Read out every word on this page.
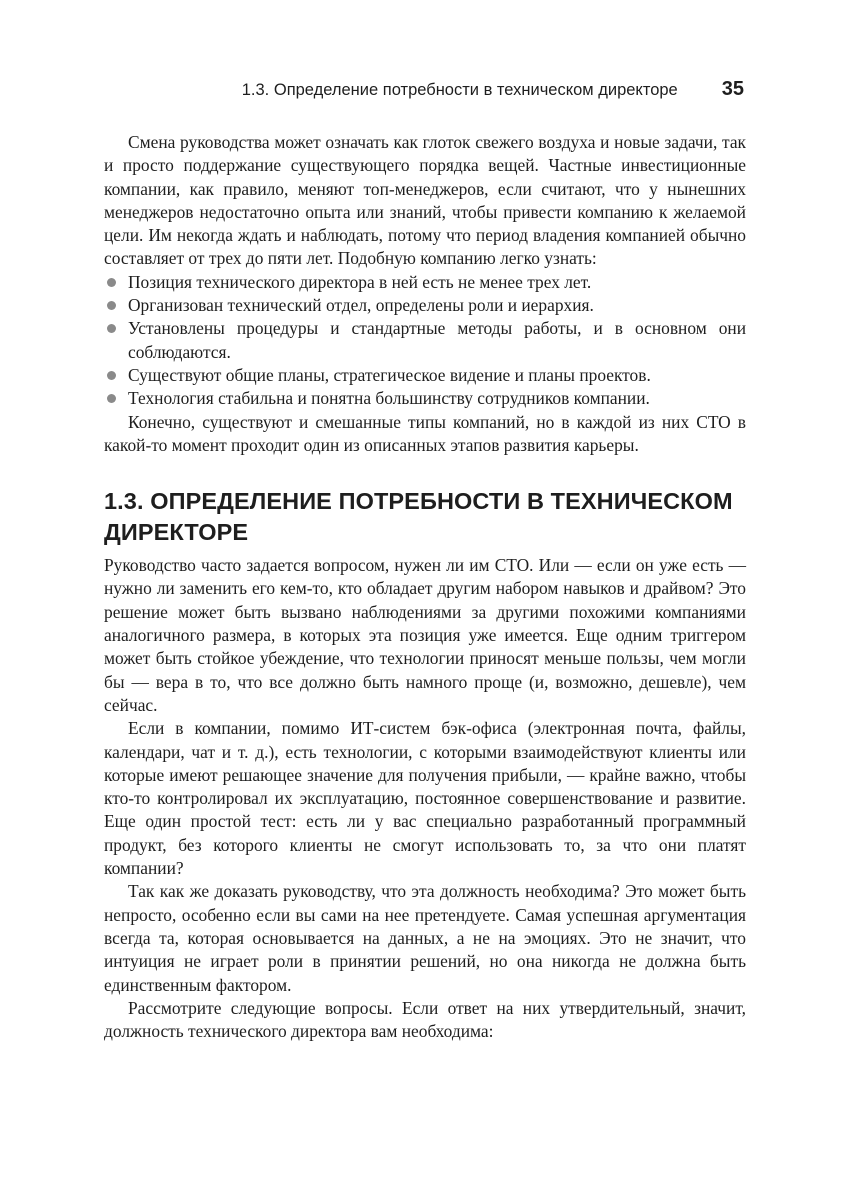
1.3. Определение потребности в техническом директоре 35

Смена руководства может означать как глоток свежего воздуха и новые задачи, так и просто поддержание существующего порядка вещей. Частные инвестиционные компании, как правило, меняют топ-менеджеров, если считают, что у нынешних менеджеров недостаточно опыта или знаний, чтобы привести компанию к желаемой цели. Им некогда ждать и наблюдать, потому что период владения компанией обычно составляет от трех до пяти лет. Подобную компанию легко узнать:

Позиция технического директора в ней есть не менее трех лет.
Организован технический отдел, определены роли и иерархия.
Установлены процедуры и стандартные методы работы, и в основном они соблюдаются.
Существуют общие планы, стратегическое видение и планы проектов.
Технология стабильна и понятна большинству сотрудников компании.

Конечно, существуют и смешанные типы компаний, но в каждой из них CTO в какой-то момент проходит один из описанных этапов развития карьеры.

1.3. ОПРЕДЕЛЕНИЕ ПОТРЕБНОСТИ В ТЕХНИЧЕСКОМ ДИРЕКТОРЕ

Руководство часто задается вопросом, нужен ли им CTO. Или — если он уже есть — нужно ли заменить его кем-то, кто обладает другим набором навыков и драйвом? Это решение может быть вызвано наблюдениями за другими похожими компаниями аналогичного размера, в которых эта позиция уже имеется. Еще одним триггером может быть стойкое убеждение, что технологии приносят меньше пользы, чем могли бы — вера в то, что все должно быть намного проще (и, возможно, дешевле), чем сейчас.

Если в компании, помимо ИТ-систем бэк-офиса (электронная почта, файлы, календари, чат и т. д.), есть технологии, с которыми взаимодействуют клиенты или которые имеют решающее значение для получения прибыли, — крайне важно, чтобы кто-то контролировал их эксплуатацию, постоянное совершенствование и развитие. Еще один простой тест: есть ли у вас специально разработанный программный продукт, без которого клиенты не смогут использовать то, за что они платят компании?

Так как же доказать руководству, что эта должность необходима? Это может быть непросто, особенно если вы сами на нее претендуете. Самая успешная аргументация всегда та, которая основывается на данных, а не на эмоциях. Это не значит, что интуиция не играет роли в принятии решений, но она никогда не должна быть единственным фактором.

Рассмотрите следующие вопросы. Если ответ на них утвердительный, значит, должность технического директора вам необходима:
